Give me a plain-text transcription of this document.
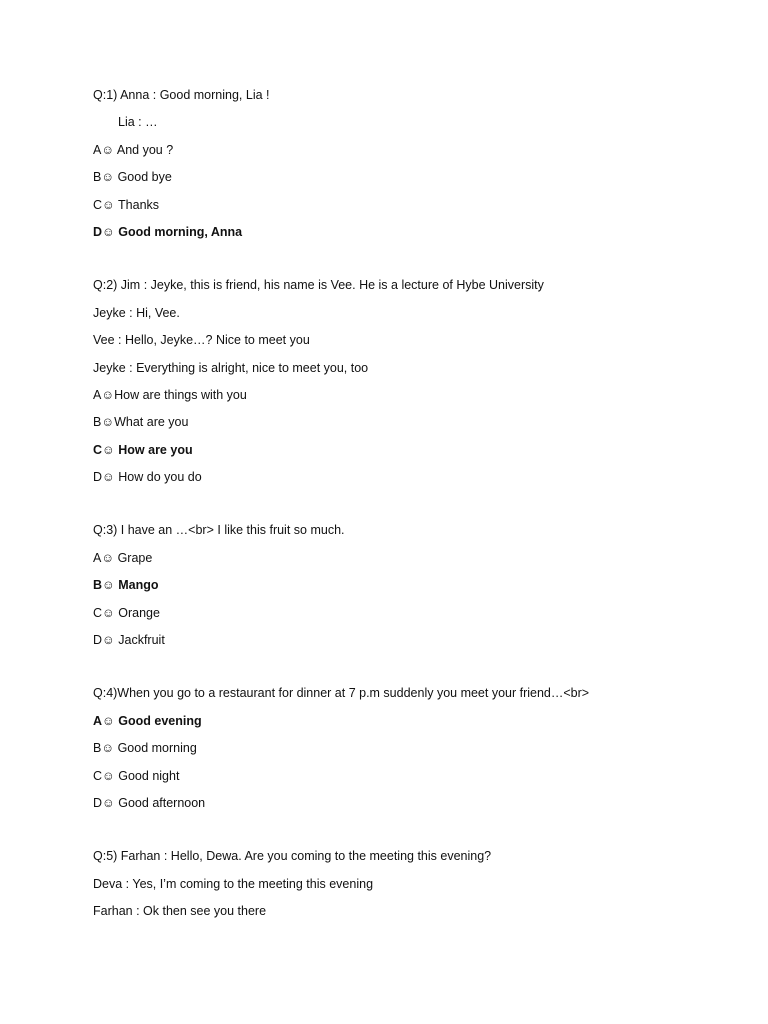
Q:1) Anna : Good morning, Lia !
Lia : …
A☺ And you ?
B☺ Good bye
C☺ Thanks
D☺ Good morning, Anna
Q:2) Jim : Jeyke, this is friend, his name is Vee. He is a lecture of Hybe University
Jeyke : Hi, Vee.
Vee : Hello, Jeyke…? Nice to meet you
Jeyke : Everything is alright, nice to meet you, too
A☺How are things with you
B☺What are you
C☺ How are you
D☺ How do you do
Q:3) I have an …<br> I like this fruit so much.
A☺ Grape
B☺ Mango
C☺ Orange
D☺ Jackfruit
Q:4)When you go to a restaurant for dinner at 7 p.m suddenly you meet your friend…<br>
A☺ Good evening
B☺ Good morning
C☺ Good night
D☺ Good afternoon
Q:5) Farhan : Hello, Dewa. Are you coming to the meeting this evening?
Deva : Yes, I’m coming to the meeting this evening
Farhan : Ok then see you there
